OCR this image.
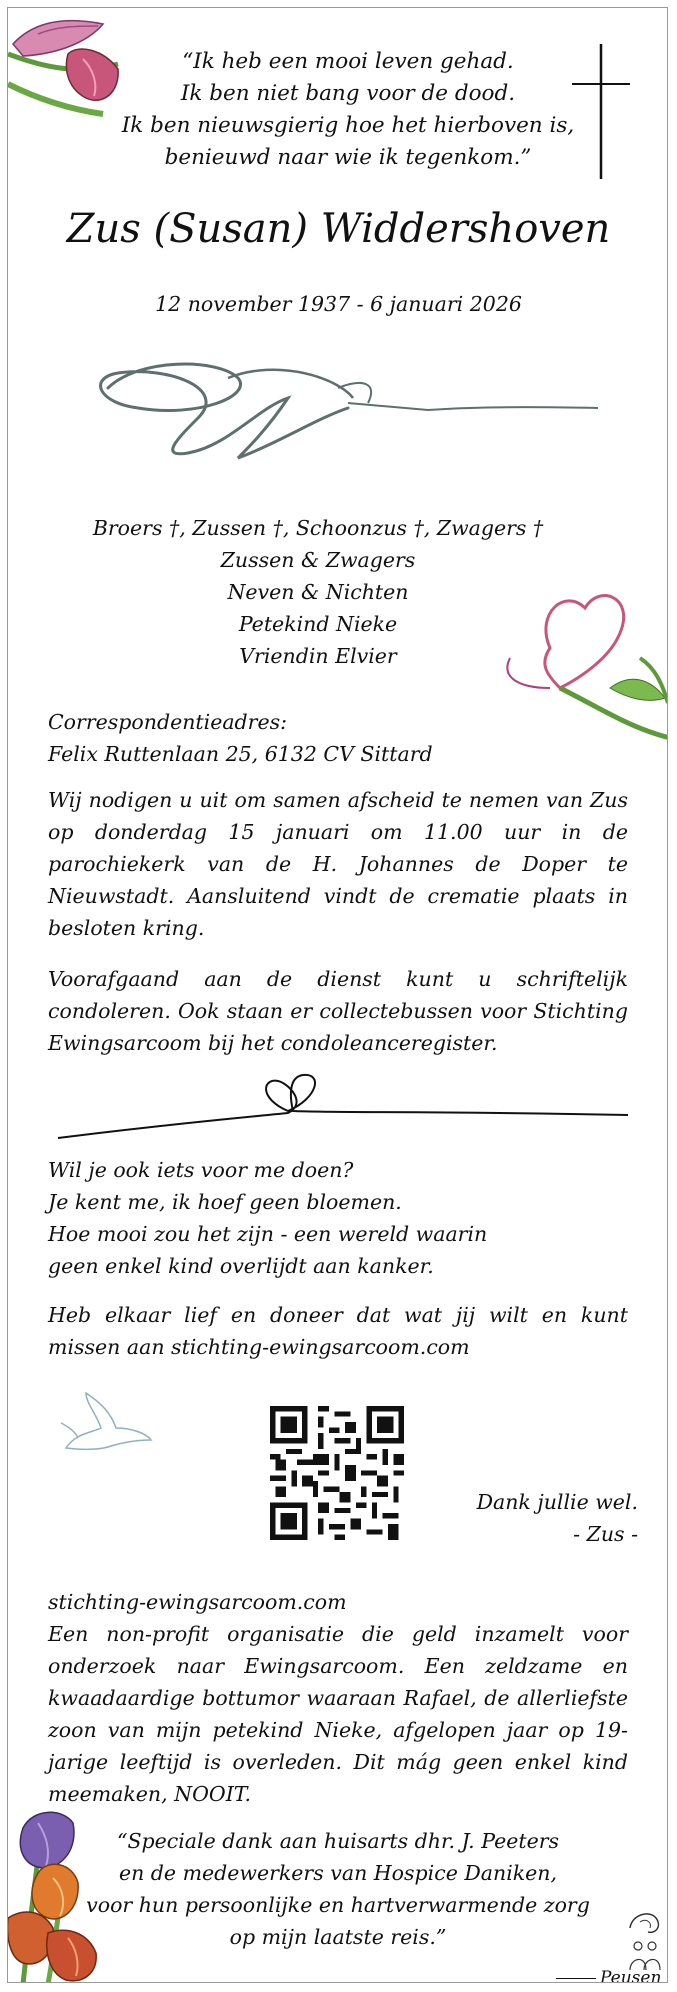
“Ik heb een mooi leven gehad.
Ik ben niet bang voor de dood.
Ik ben nieuwsgierig hoe het hierboven is,
benieuwd naar wie ik tegenkom.”
Zus (Susan) Widdershoven
12 november 1937 - 6 januari 2026
Broers †, Zussen †, Schoonzus †, Zwagers †
Zussen & Zwagers
Neven & Nichten
Petekind Nieke
Vriendin Elvier
Correspondentieadres:
Felix Ruttenlaan 25, 6132 CV Sittard
Wij nodigen u uit om samen afscheid te nemen van Zus op donderdag 15 januari om 11.00 uur in de parochiekerk van de H. Johannes de Doper te Nieuwstadt. Aansluitend vindt de crematie plaats in besloten kring.
Voorafgaand aan de dienst kunt u schriftelijk condoleren. Ook staan er collectebussen voor Stichting Ewingsarcoom bij het condoleanceregister.
Wil je ook iets voor me doen?
Je kent me, ik hoef geen bloemen.
Hoe mooi zou het zijn - een wereld waarin
geen enkel kind overlijdt aan kanker.
Heb elkaar lief en doneer dat wat jij wilt en kunt missen aan stichting-ewingsarcoom.com
Dank jullie wel.
- Zus -
stichting-ewingsarcoom.com
Een non-profit organisatie die geld inzamelt voor onderzoek naar Ewingsarcoom. Een zeldzame en kwaadaardige bottumor waaraan Rafael, de allerliefste zoon van mijn petekind Nieke, afgelopen jaar op 19-jarige leeftijd is overleden. Dit mág geen enkel kind meemaken, NOOIT.
“Speciale dank aan huisarts dhr. J. Peeters
en de medewerkers van Hospice Daniken,
voor hun persoonlijke en hartverwarmende zorg
op mijn laatste reis.”
Peusen
